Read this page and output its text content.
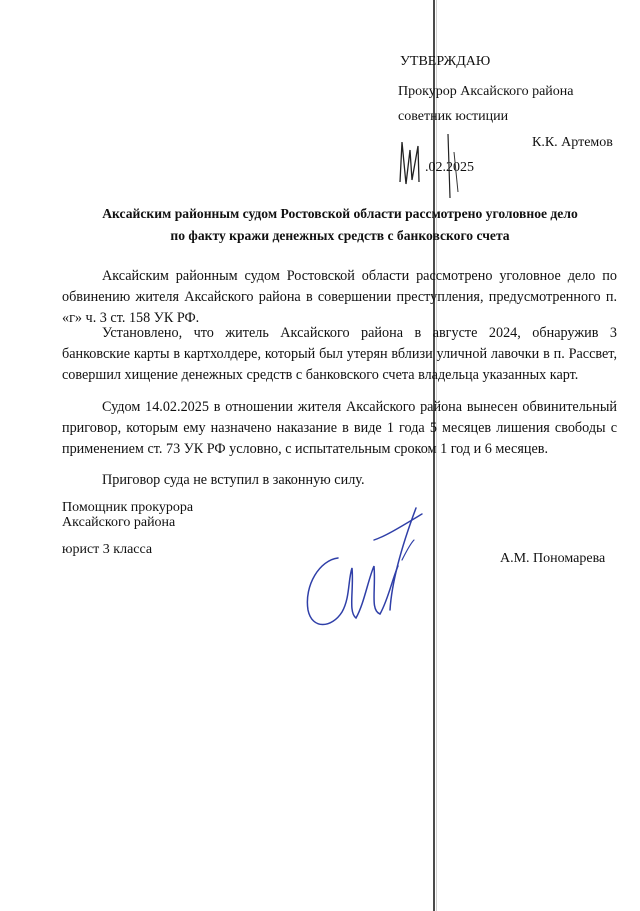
УТВЕРЖДАЮ
Прокурор Аксайского района
советник юстиции
К.К. Артемов
.02.2025
Аксайским районным судом Ростовской области рассмотрено уголовное дело
по факту кражи денежных средств с банковского счета
Аксайским районным судом Ростовской области рассмотрено уголовное дело по обвинению жителя Аксайского района в совершении преступления, предусмотренного п. «г» ч. 3 ст. 158 УК РФ.
Установлено, что житель Аксайского района в августе 2024, обнаружив 3 банковские карты в картхолдере, который был утерян вблизи уличной лавочки в п. Рассвет, совершил хищение денежных средств с банковского счета владельца указанных карт.
Судом 14.02.2025 в отношении жителя Аксайского района вынесен обвинительный приговор, которым ему назначено наказание в виде 1 года 5 месяцев лишения свободы с применением ст. 73 УК РФ условно, с испытательным сроком 1 год и 6 месяцев.
Приговор суда не вступил в законную силу.
Помощник прокурора
Аксайского района
юрист 3 класса
А.М. Пономарева
